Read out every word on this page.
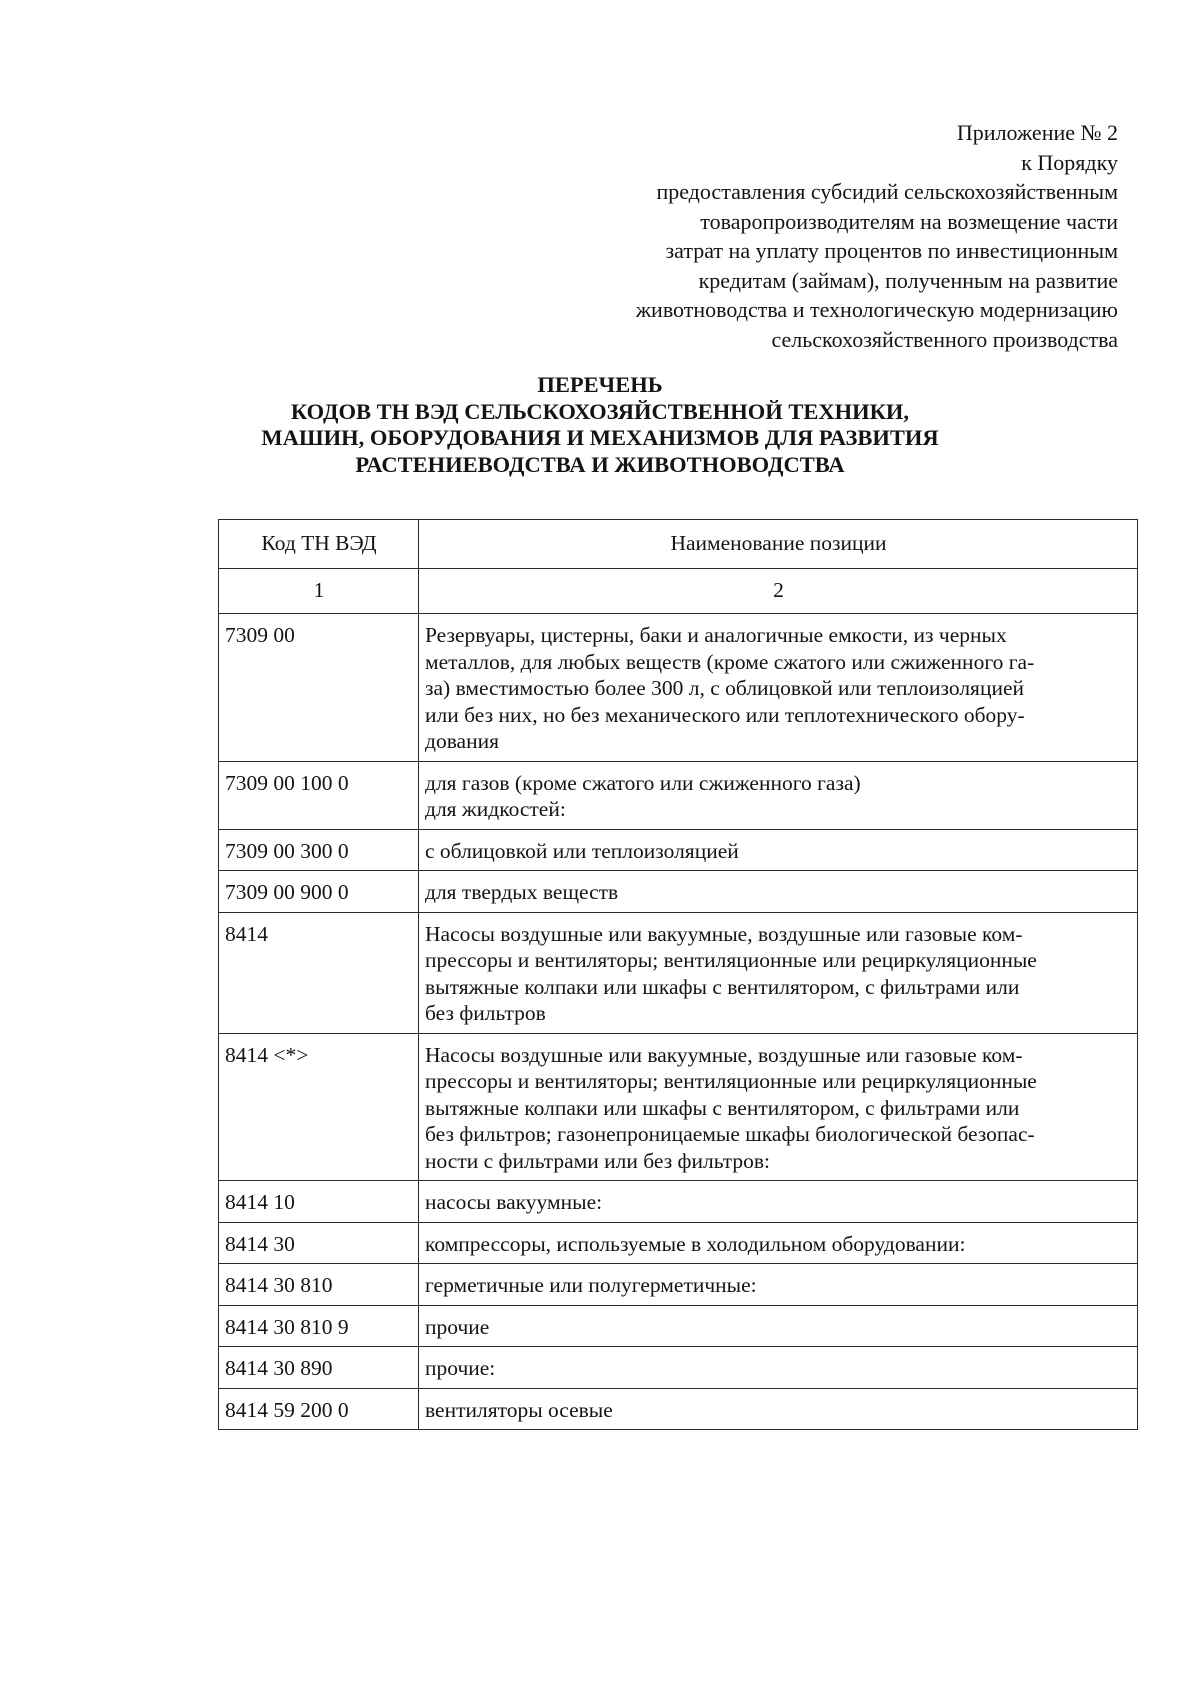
Приложение № 2
к Порядку
предоставления субсидий сельскохозяйственным
товаропроизводителям на возмещение части
затрат на уплату процентов по инвестиционным
кредитам (займам), полученным на развитие
животноводства и технологическую модернизацию
сельскохозяйственного производства
ПЕРЕЧЕНЬ
КОДОВ ТН ВЭД СЕЛЬСКОХОЗЯЙСТВЕННОЙ ТЕХНИКИ,
МАШИН, ОБОРУДОВАНИЯ И МЕХАНИЗМОВ ДЛЯ РАЗВИТИЯ
РАСТЕНИЕВОДСТВА И ЖИВОТНОВОДСТВА
Код ТН ВЭД	Наименование позиции
1	2
7309 00	Резервуары, цистерны, баки и аналогичные емкости, из черных
металлов, для любых веществ (кроме сжатого или сжиженного га-
за) вместимостью более 300 л, с облицовкой или теплоизоляцией
или без них, но без механического или теплотехнического обору-
дования

7309 00 100 0	для газов (кроме сжатого или сжиженного газа)
для жидкостей:

7309 00 300 0	с облицовкой или теплоизоляцией

7309 00 900 0	для твердых веществ

8414	Насосы воздушные или вакуумные, воздушные или газовые ком-
прессоры и вентиляторы; вентиляционные или рециркуляционные
вытяжные колпаки или шкафы с вентилятором, с фильтрами или
без фильтров

8414 <*>	Насосы воздушные или вакуумные, воздушные или газовые ком-
прессоры и вентиляторы; вентиляционные или рециркуляционные
вытяжные колпаки или шкафы с вентилятором, с фильтрами или
без фильтров; газонепроницаемые шкафы биологической безопас-
ности с фильтрами или без фильтров:

8414 10	насосы вакуумные:

8414 30	компрессоры, используемые в холодильном оборудовании:

8414 30 810	герметичные или полугерметичные:

8414 30 810 9	прочие

8414 30 890	прочие:

8414 59 200 0	вентиляторы осевые
